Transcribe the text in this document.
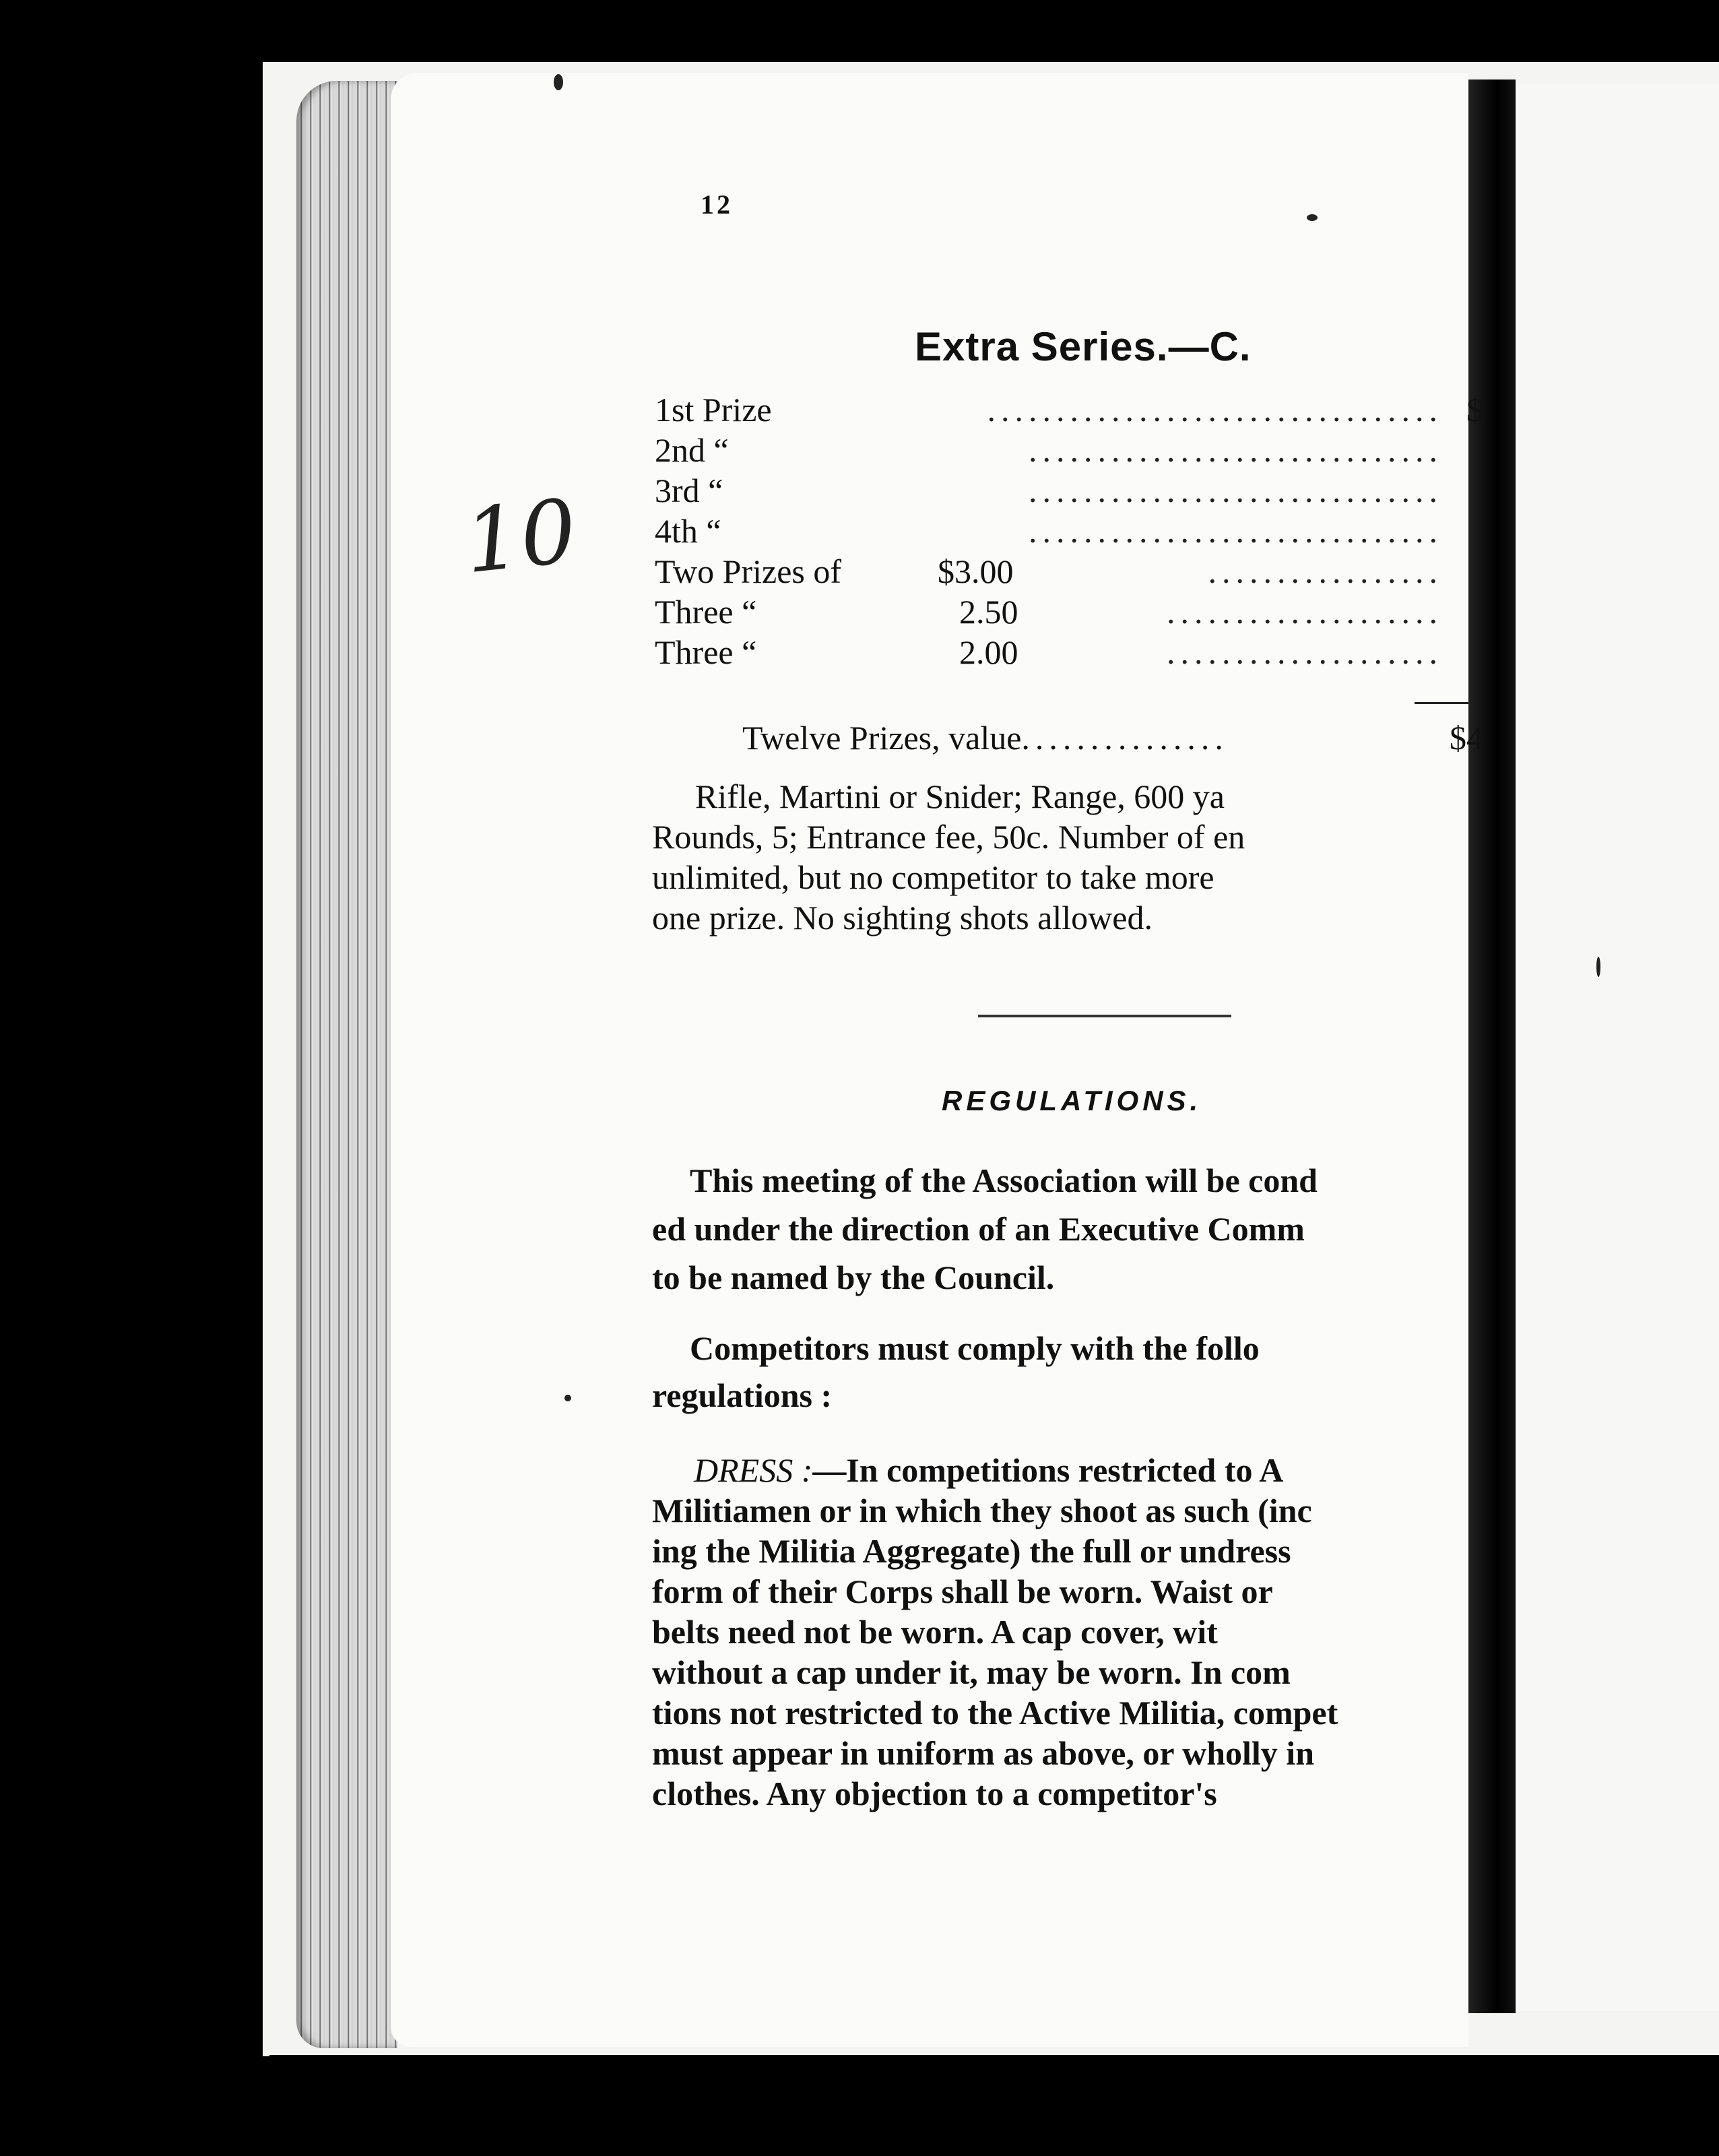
12
10
Extra Series.—C.
1st Prize	................................. $
2nd “	..............................
3rd “	..............................
4th “	..............................
Two Prizes of	$3.00	.................
Three “	2.50	....................
Three “	2.00	....................
Twelve Prizes, value...............	$4
Rifle, Martini or Snider; Range, 600 ya
Rounds, 5; Entrance fee, 50c. Number of en
unlimited, but no competitor to take more
one prize. No sighting shots allowed.
REGULATIONS.
This meeting of the Association will be cond
ed under the direction of an Executive Comm
to be named by the Council.
Competitors must comply with the follo
regulations :
DRESS :—In competitions restricted to A
Militiamen or in which they shoot as such (inc
ing the Militia Aggregate) the full or undress
form of their Corps shall be worn. Waist or
belts need not be worn. A cap cover, wit
without a cap under it, may be worn. In com
tions not restricted to the Active Militia, compet
must appear in uniform as above, or wholly in
clothes. Any objection to a competitor's
